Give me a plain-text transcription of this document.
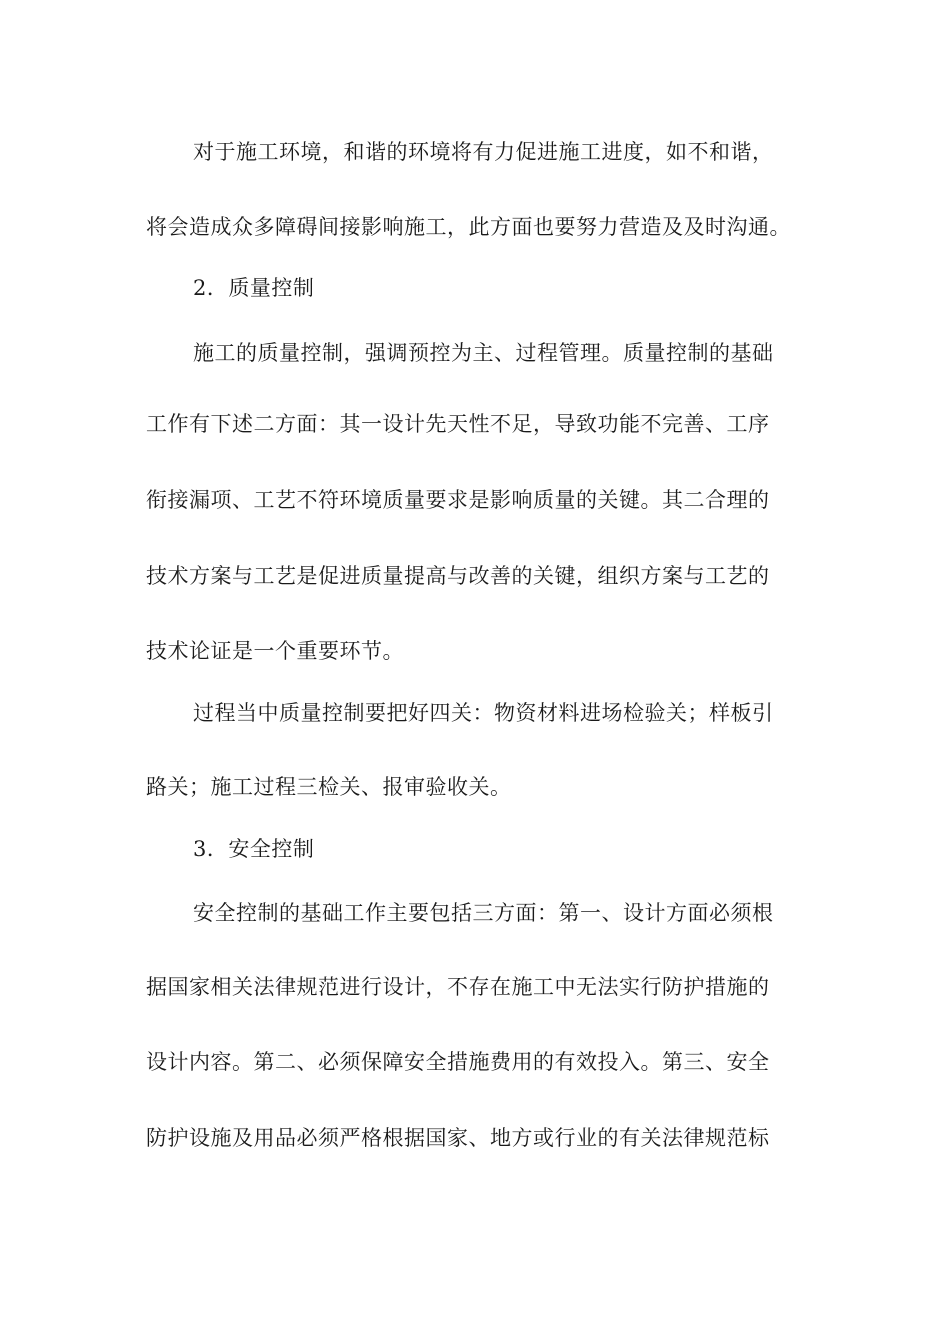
对于施工环境，和谐的环境将有力促进施工进度，如不和谐，
将会造成众多障碍间接影响施工，此方面也要努力营造及及时沟通。
2．质量控制
施工的质量控制，强调预控为主、过程管理。质量控制的基础
工作有下述二方面：其一设计先天性不足，导致功能不完善、工序
衔接漏项、工艺不符环境质量要求是影响质量的关键。其二合理的
技术方案与工艺是促进质量提高与改善的关键，组织方案与工艺的
技术论证是一个重要环节。
过程当中质量控制要把好四关：物资材料进场检验关；样板引
路关；施工过程三检关、报审验收关。
3．安全控制
安全控制的基础工作主要包括三方面：第一、设计方面必须根
据国家相关法律规范进行设计，不存在施工中无法实行防护措施的
设计内容。第二、必须保障安全措施费用的有效投入。第三、安全
防护设施及用品必须严格根据国家、地方或行业的有关法律规范标
